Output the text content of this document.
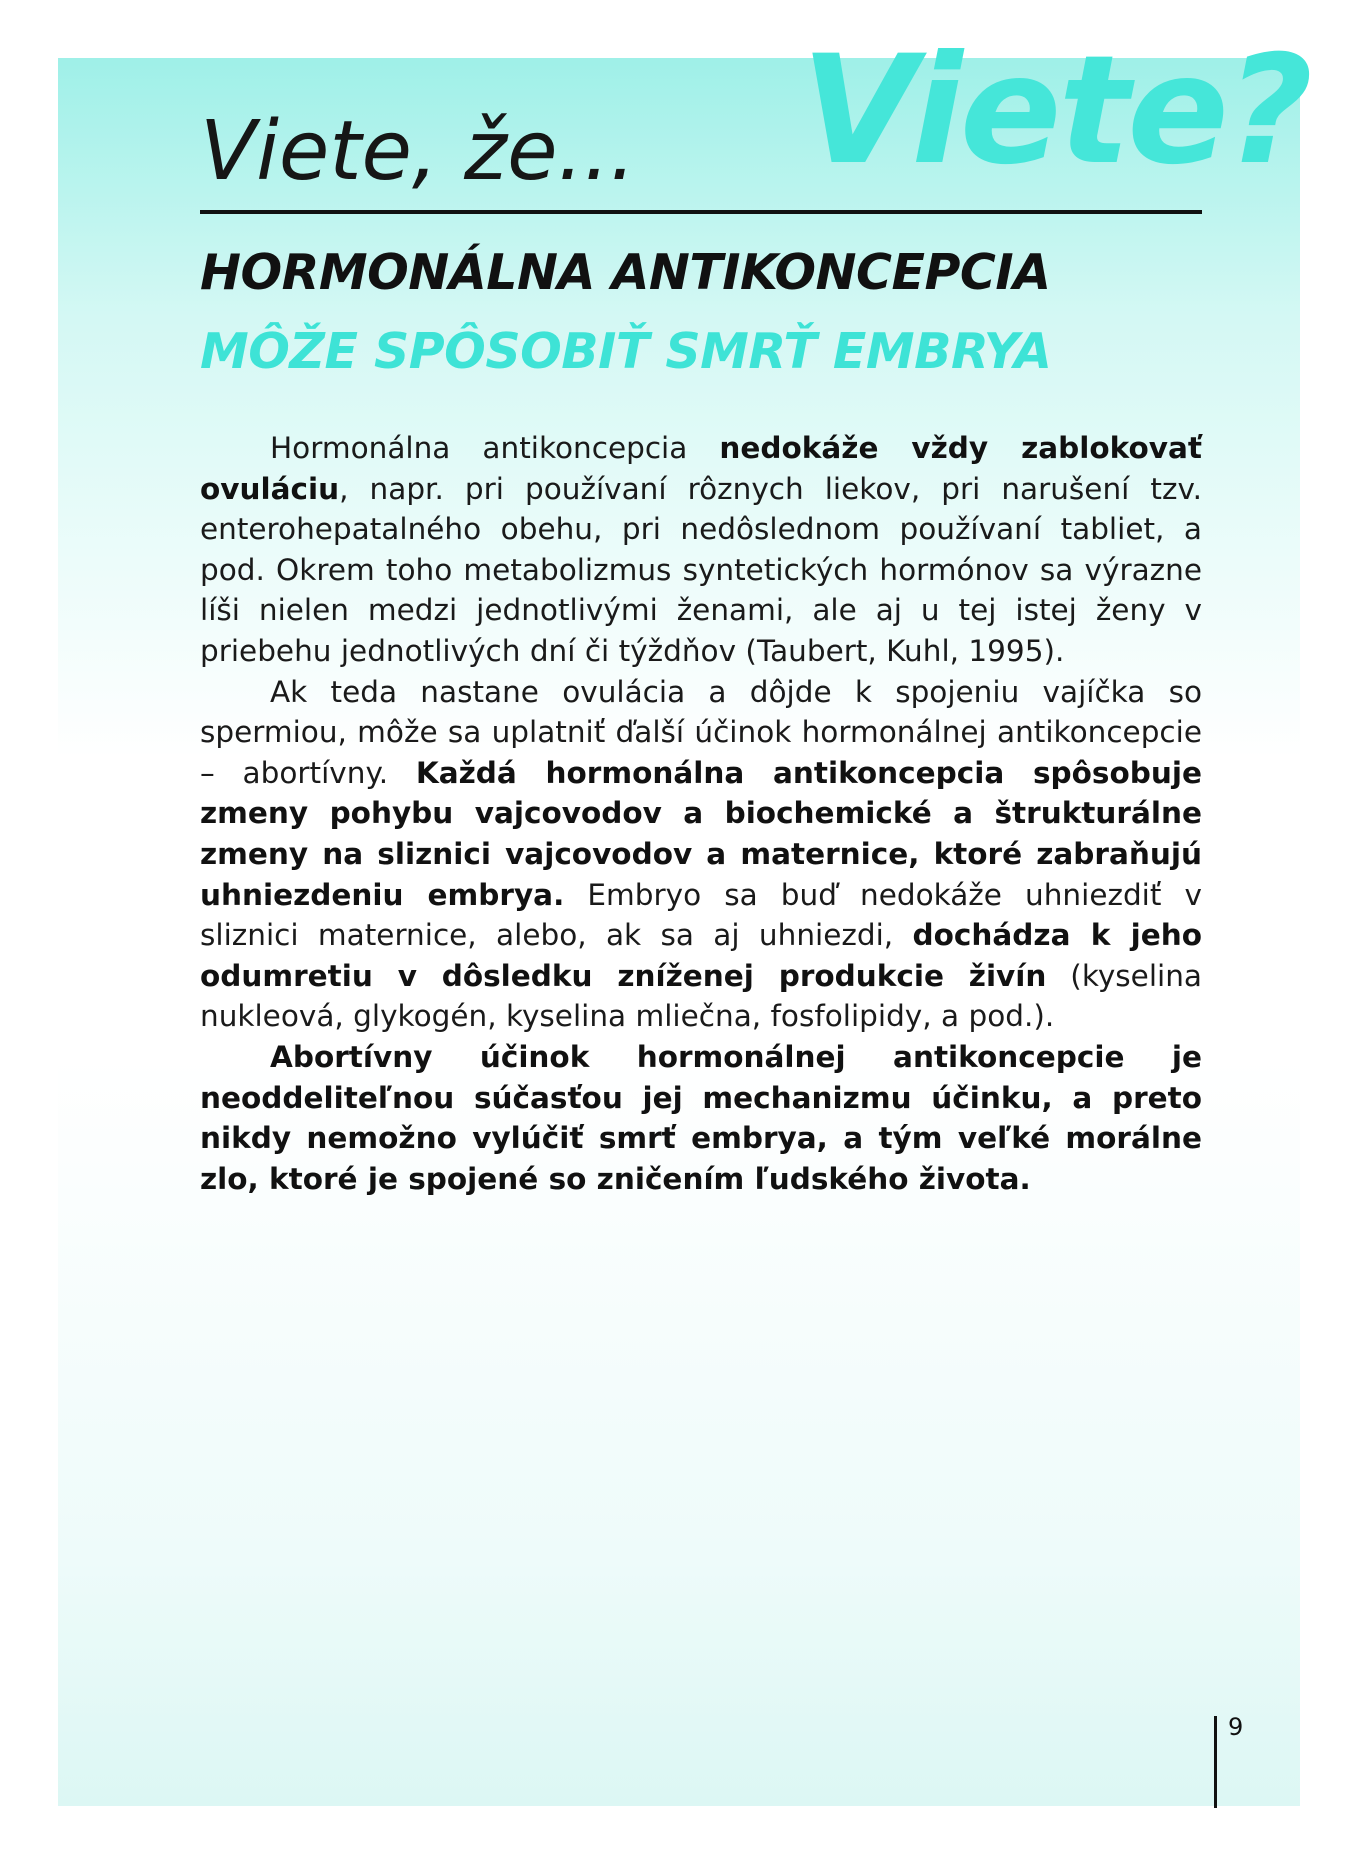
Viete?
Viete, že...
HORMONÁLNA ANTIKONCEPCIA
MÔŽE SPÔSOBIŤ SMRŤ EMBRYA

Hormonálna antikoncepcia nedokáže vždy zablokovať ovuláciu, napr. pri používaní rôznych liekov, pri narušení tzv. enterohepatalného obehu, pri nedôslednom používaní tabliet, a pod. Okrem toho metabolizmus syntetických hormónov sa výrazne líši nielen medzi jednotlivými ženami, ale aj u tej istej ženy v priebehu jednotlivých dní či týždňov (Taubert, Kuhl, 1995).

Ak teda nastane ovulácia a dôjde k spojeniu vajíčka so spermiou, môže sa uplatniť ďalší účinok hormonálnej antikoncepcie – abortívny. Každá hormonálna antikoncepcia spôsobuje zmeny pohybu vajcovodov a biochemické a štrukturálne zmeny na sliznici vajcovodov a maternice, ktoré zabraňujú uhniezdeniu embrya. Embryo sa buď nedokáže uhniezdiť v sliznici maternice, alebo, ak sa aj uhniezdi, dochádza k jeho odumretiu v dôsledku zníženej produkcie živín (kyselina nukleová, glykogén, kyselina mliečna, fosfolipidy, a pod.).

Abortívny účinok hormonálnej antikoncepcie je neoddeliteľnou súčasťou jej mechanizmu účinku, a preto nikdy nemožno vylúčiť smrť embrya, a tým veľké morálne zlo, ktoré je spojené so zničením ľudského života.

9
